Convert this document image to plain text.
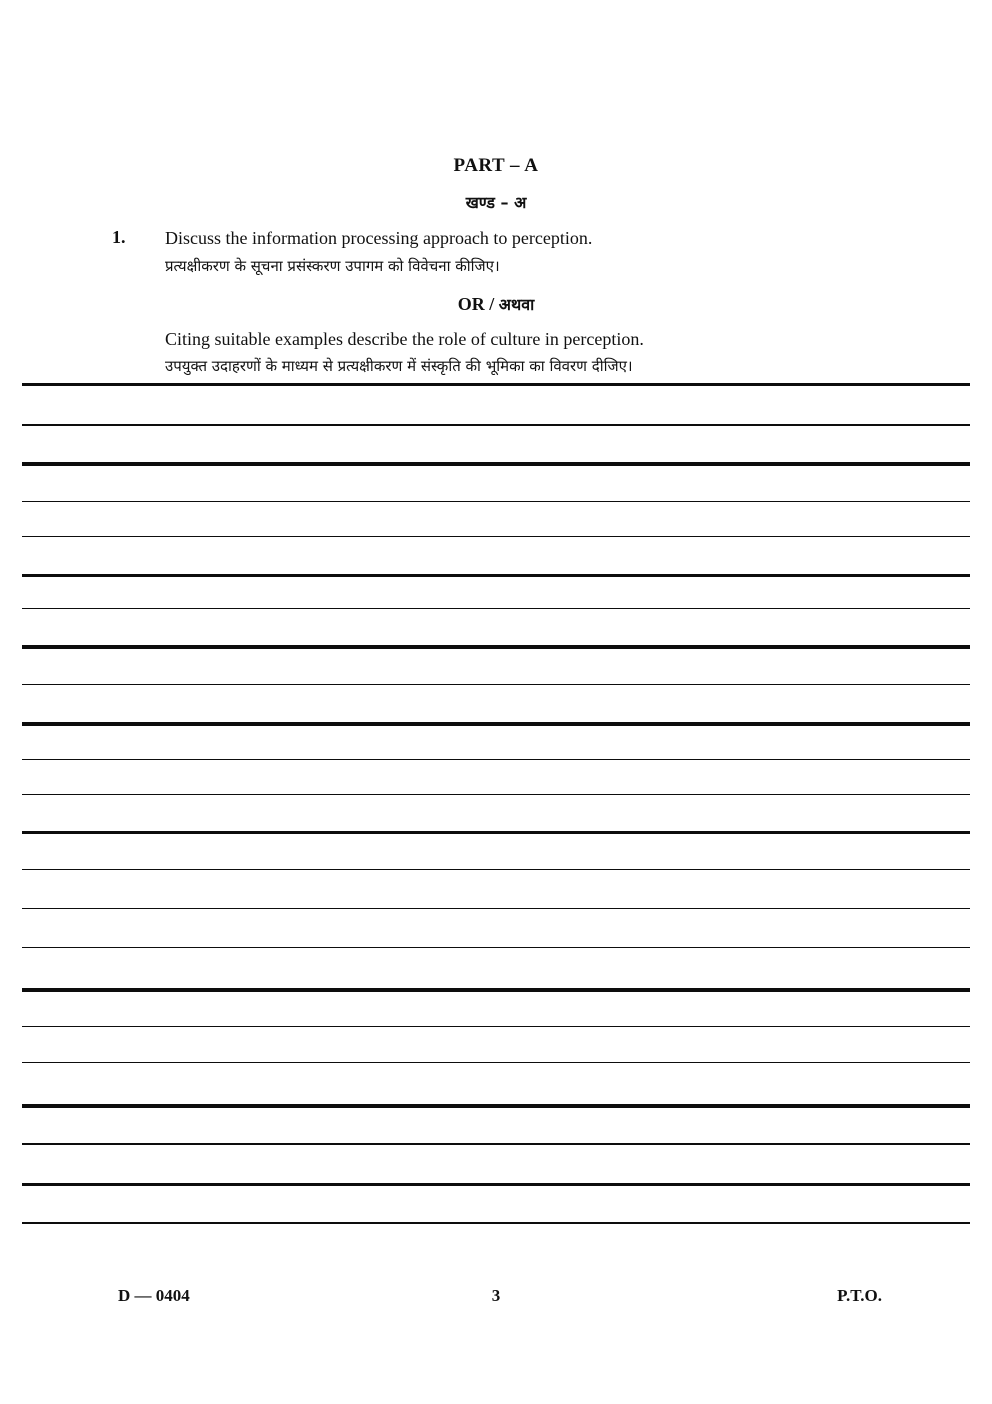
PART – A
खण्ड – अ
1. Discuss the information processing approach to perception.
प्रत्यक्षीकरण के सूचना प्रसंस्करण उपागम को विवेचना कीजिए।
OR / अथवा
Citing suitable examples describe the role of culture in perception.
उपयुक्त उदाहरणों के माध्यम से प्रत्यक्षीकरण में संस्कृति की भूमिका का विवरण दीजिए।
D — 0404	3	P.T.O.
